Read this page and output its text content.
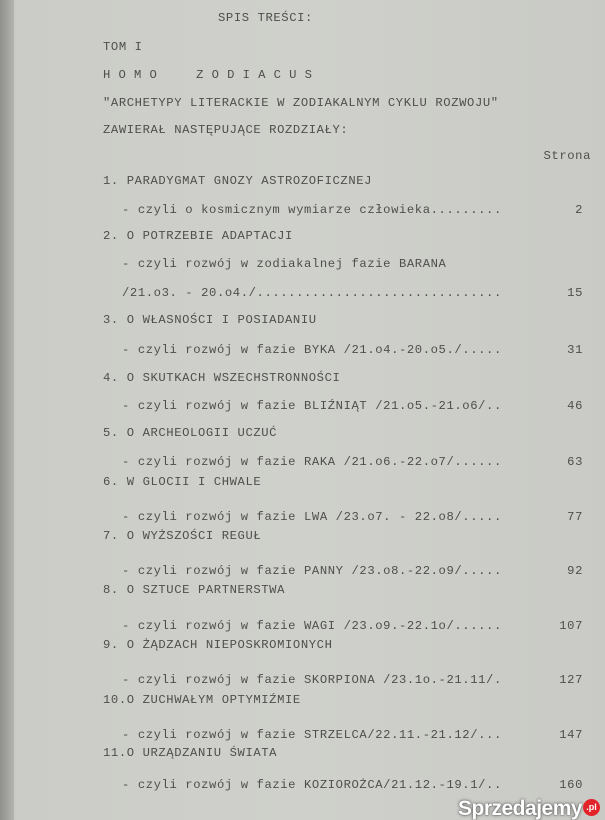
SPIS TREŚCI:
TOM I
HOMO  ZODIACUS
"ARCHETYPY LITERACKIE W ZODIAKALNYM CYKLU ROZWOJU"
ZAWIERAŁ NASTĘPUJĄCE ROZDZIAŁY:
Strona
1. PARADYGMAT GNOZY ASTROZOFICZNEJ
- czyli o kosmicznym wymiarze człowieka.........	2
2. O POTRZEBIE ADAPTACJI
- czyli rozwój w zodiakalnej fazie BARANA
/21.o3. - 20.o4./...............................	15
3. O WŁASNOŚCI I POSIADANIU
- czyli rozwój w fazie BYKA /21.o4.-20.o5./.....	31
4. O SKUTKACH WSZECHSTRONNOŚCI
- czyli rozwój w fazie BLIŹNIĄT /21.o5.-21.o6/..	46
5. O ARCHEOLOGII UCZUĆ
- czyli rozwój w fazie RAKA /21.o6.-22.o7/......	63
6. W GLOCII I CHWALE
- czyli rozwój w fazie LWA /23.o7. - 22.o8/.....	77
7. O WYŻSZOŚCI REGUŁ
- czyli rozwój w fazie PANNY /23.o8.-22.o9/.....	92
8. O SZTUCE PARTNERSTWA
- czyli rozwój w fazie WAGI /23.o9.-22.1o/......	107
9. O ŻĄDZACH NIEPOSKROMIONYCH
- czyli rozwój w fazie SKORPIONA /23.1o.-21.11/.	127
10.O ZUCHWAŁYM OPTYMIŹMIE
- czyli rozwój w fazie STRZELCA/22.11.-21.12/...	147
11.O URZĄDZANIU ŚWIATA
- czyli rozwój w fazie KOZIOROŻCA/21.12.-19.1/..	160
Sprzedajemy .pl
